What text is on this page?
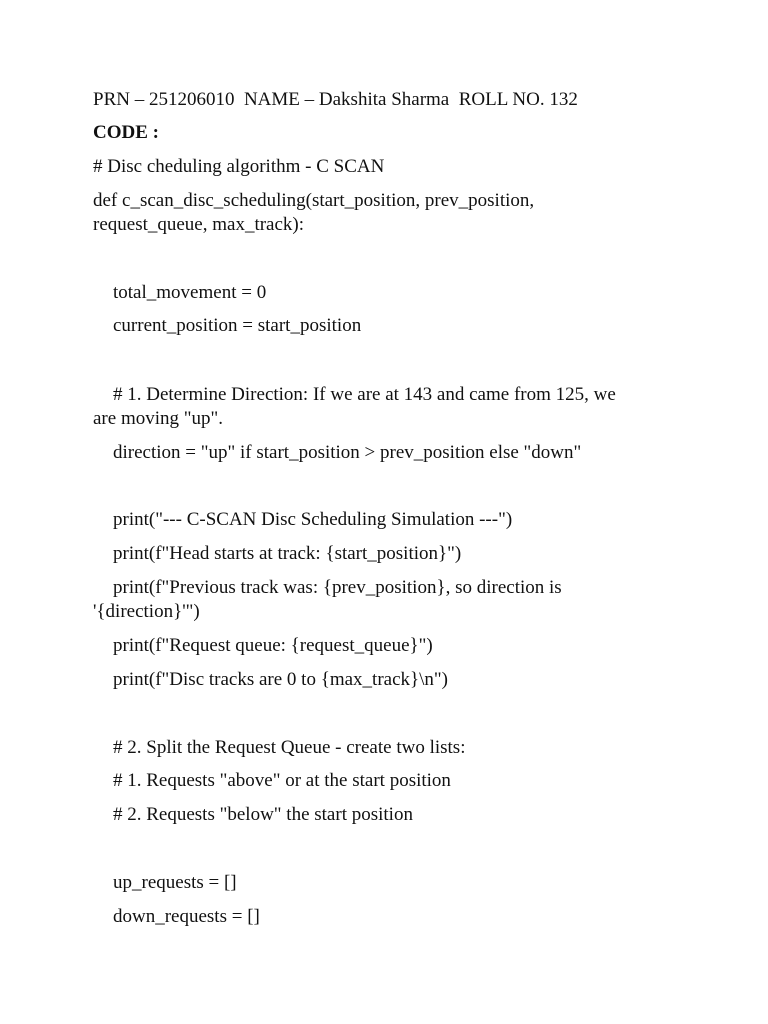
PRN – 251206010  NAME – Dakshita Sharma  ROLL NO. 132
CODE :
# Disc cheduling algorithm - C SCAN
def c_scan_disc_scheduling(start_position, prev_position,
request_queue, max_track):
total_movement = 0
current_position = start_position
# 1. Determine Direction: If we are at 143 and came from 125, we
are moving "up".
direction = "up" if start_position > prev_position else "down"
print("--- C-SCAN Disc Scheduling Simulation ---")
print(f"Head starts at track: {start_position}")
print(f"Previous track was: {prev_position}, so direction is
'{direction}'")
print(f"Request queue: {request_queue}")
print(f"Disc tracks are 0 to {max_track}\n")
# 2. Split the Request Queue - create two lists:
# 1. Requests "above" or at the start position
# 2. Requests "below" the start position
up_requests = []
down_requests = []
